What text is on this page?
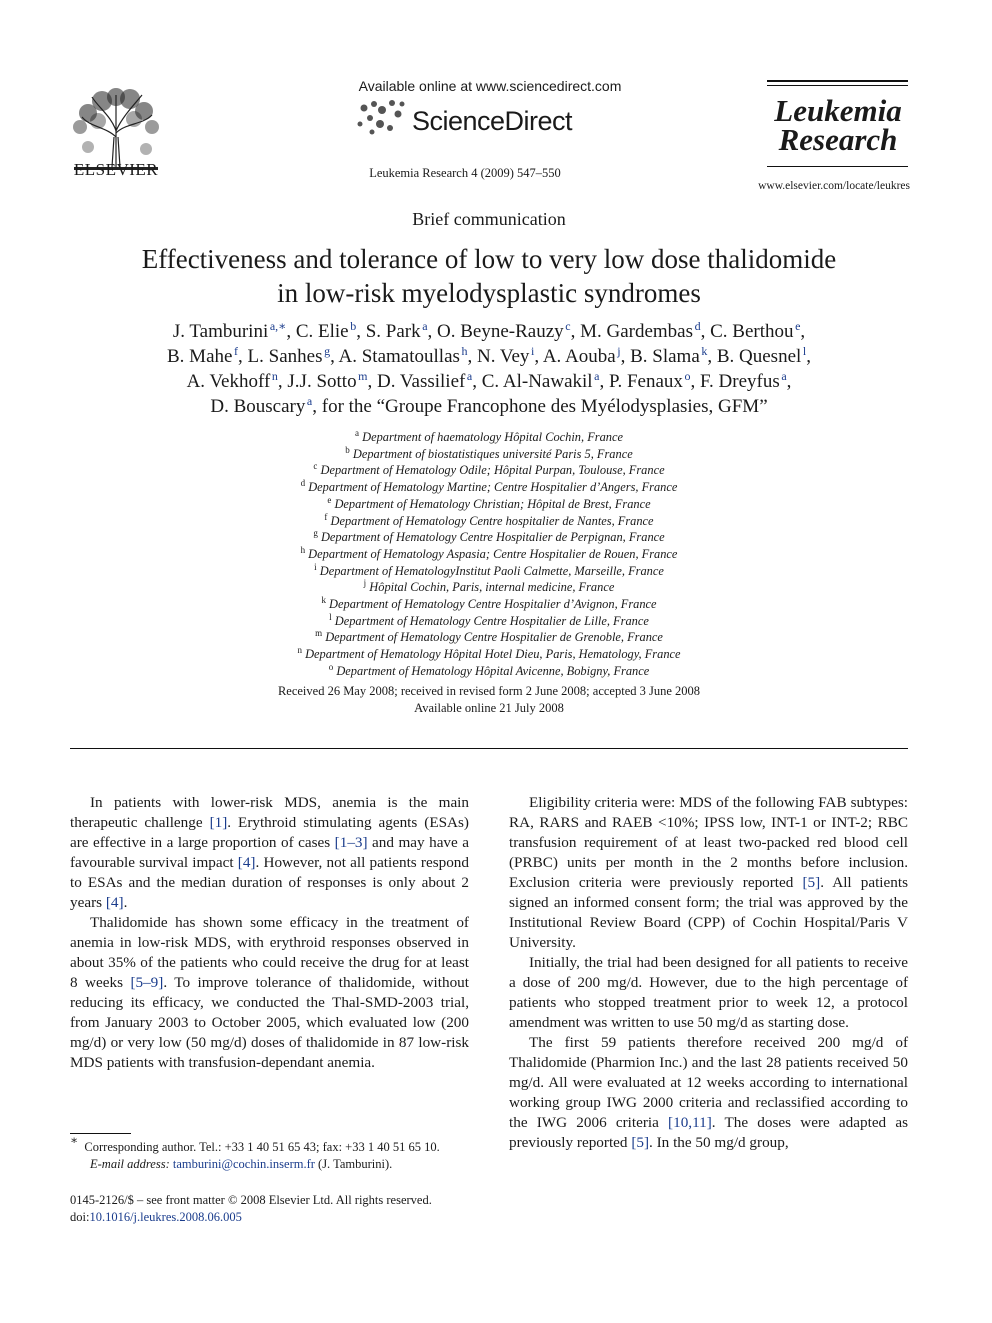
ELSEVIER
Available online at www.sciencedirect.com
ScienceDirect
Leukemia Research 4 (2009) 547–550
Leukemia
Research
www.elsevier.com/locate/leukres
Brief communication
Effectiveness and tolerance of low to very low dose thalidomide
in low-risk myelodysplastic syndromes
J. Tamburini  $^{a,∗}$, C. Elie  $^b$, S. Park  $^a$, O. Beyne-Rauzy  $^c$, M. Gardembas  $^d$, C. Berthou  $^e$,
B. Mahe  $^f$, L. Sanhes  $^g$, A. Stamatoullas  $^h$, N. Vey  $^i$, A. Aouba  $^j$, B. Slama  $^k$, B. Quesnel  $^l$,
A. Vekhoff  $^n$, J.J. Sotto  $^m$, D. Vassilief  $^a$, C. Al-Nawakil  $^a$, P. Fenaux  $^o$, F. Dreyfus  $^a$,
D. Bouscary  $^a$, for the “Groupe Francophone des Myélodysplasies, GFM”
$^a$ Department of haematology Hôpital Cochin, France
$^b$ Department of biostatistiques université Paris 5, France
$^c$ Department of Hematology Odile; Hôpital Purpan, Toulouse, France
$^d$ Department of Hematology Martine; Centre Hospitalier d’Angers, France
$^e$ Department of Hematology Christian; Hôpital de Brest, France
$^f$ Department of Hematology Centre hospitalier de Nantes, France
$^g$ Department of Hematology Centre Hospitalier de Perpignan, France
$^h$ Department of Hematology Aspasia; Centre Hospitalier de Rouen, France
$^i$ Department of HematologyInstitut Paoli Calmette, Marseille, France
$^j$ Hôpital Cochin, Paris, internal medicine, France
$^k$ Department of Hematology Centre Hospitalier d’Avignon, France
$^l$ Department of Hematology Centre Hospitalier de Lille, France
$^m$ Department of Hematology Centre Hospitalier de Grenoble, France
$^n$ Department of Hematology Hôpital Hotel Dieu, Paris, Hematology, France
$^o$ Department of Hematology Hôpital Avicenne, Bobigny, France
Received 26 May 2008; received in revised form 2 June 2008; accepted 3 June 2008
Available online 21 July 2008

In patients with lower-risk MDS, anemia is the main therapeutic challenge [1]. Erythroid stimulating agents (ESAs) are effective in a large proportion of cases [1–3] and may have a favourable survival impact [4]. However, not all patients respond to ESAs and the median duration of responses is only about 2 years [4].

Thalidomide has shown some efficacy in the treatment of anemia in low-risk MDS, with erythroid responses observed in about 35% of the patients who could receive the drug for at least 8 weeks [5–9]. To improve tolerance of thalidomide, without reducing its efficacy, we conducted the Thal-SMD-2003 trial, from January 2003 to October 2005, which evaluated low (200 mg/d) or very low (50 mg/d) doses of thalidomide in 87 low-risk MDS patients with transfusion-dependant anemia.

Eligibility criteria were: MDS of the following FAB subtypes: RA, RARS and RAEB <10%; IPSS low, INT-1 or INT-2; RBC transfusion requirement of at least two-packed red blood cell (PRBC) units per month in the 2 months before inclusion. Exclusion criteria were previously reported [5]. All patients signed an informed consent form; the trial was approved by the Institutional Review Board (CPP) of Cochin Hospital/Paris V University.

Initially, the trial had been designed for all patients to receive a dose of 200 mg/d. However, due to the high percentage of patients who stopped treatment prior to week 12, a protocol amendment was written to use 50 mg/d as starting dose.

The first 59 patients therefore received 200 mg/d of Thalidomide (Pharmion Inc.) and the last 28 patients received 50 mg/d. All were evaluated at 12 weeks according to international working group IWG 2000 criteria and reclassified according to the IWG 2006 criteria [10,11]. The doses were adapted as previously reported [5]. In the 50 mg/d group,

∗ Corresponding author. Tel.: +33 1 40 51 65 43; fax: +33 1 40 51 65 10.
E-mail address: tamburini@cochin.inserm.fr (J. Tamburini).
0145-2126/$ – see front matter © 2008 Elsevier Ltd. All rights reserved.
doi:10.1016/j.leukres.2008.06.005
